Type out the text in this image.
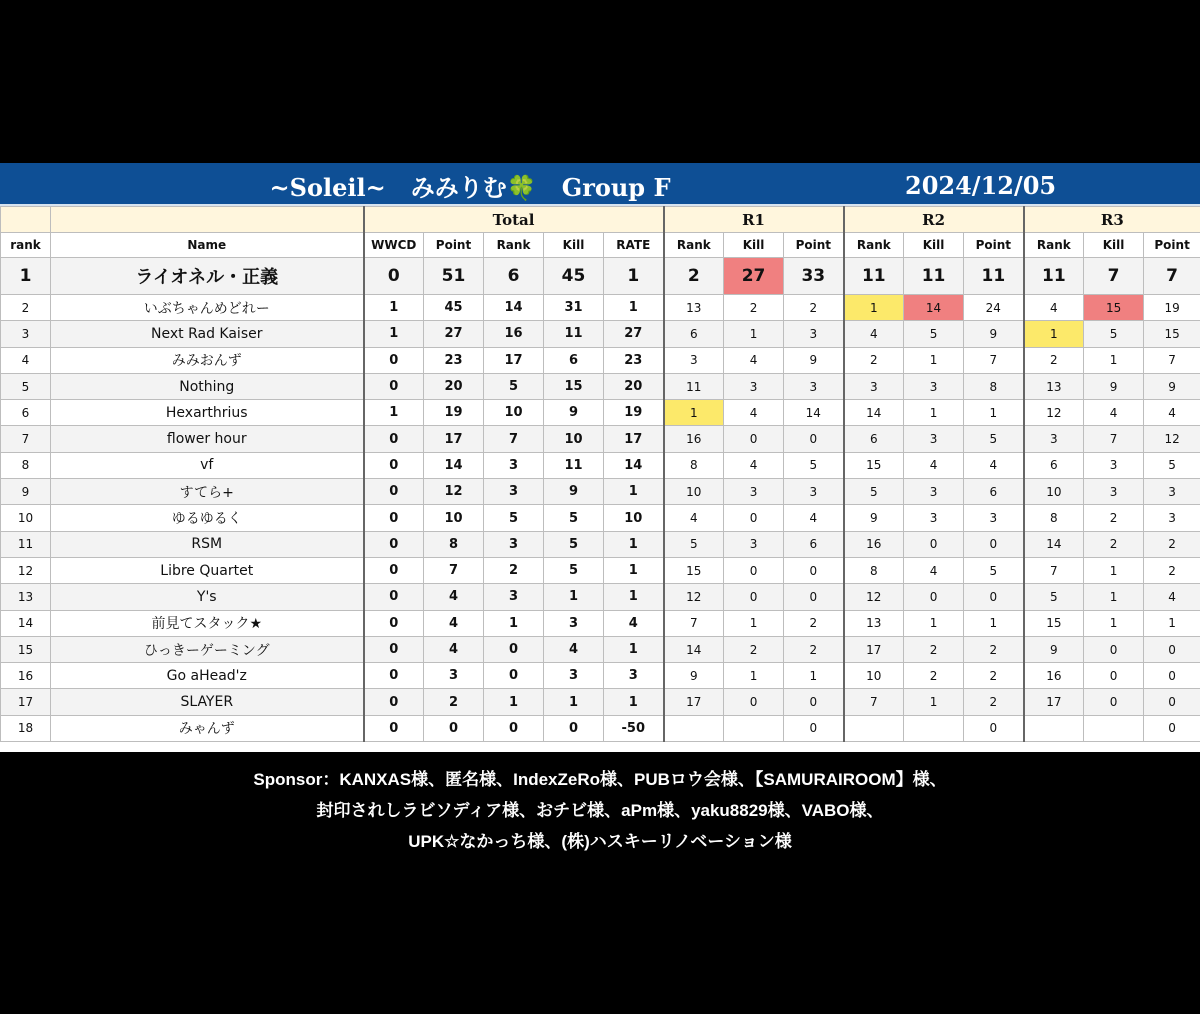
~Soleil~   みみりむ🍀   Group F	2024/12/05
		Total					R1			R2			R3		
rank	Name	WWCD	Point	Rank	Kill	RATE	Rank	Kill	Point	Rank	Kill	Point	Rank	Kill	Point
1	ライオネル・正義	0	51	6	45	1	2	27	33	11	11	11	11	7	7
2	いぶちゃんめどれー	1	45	14	31	1	13	2	2	1	14	24	4	15	19
3	Next Rad Kaiser	1	27	16	11	27	6	1	3	4	5	9	1	5	15
4	みみおんず	0	23	17	6	23	3	4	9	2	1	7	2	1	7
5	Nothing	0	20	5	15	20	11	3	3	3	3	8	13	9	9
6	Hexarthrius	1	19	10	9	19	1	4	14	14	1	1	12	4	4
7	flower hour	0	17	7	10	17	16	0	0	6	3	5	3	7	12
8	vf	0	14	3	11	14	8	4	5	15	4	4	6	3	5
9	すてら+	0	12	3	9	1	10	3	3	5	3	6	10	3	3
10	ゆるゆるく	0	10	5	5	10	4	0	4	9	3	3	8	2	3
11	RSM	0	8	3	5	1	5	3	6	16	0	0	14	2	2
12	Libre Quartet	0	7	2	5	1	15	0	0	8	4	5	7	1	2
13	Y's	0	4	3	1	1	12	0	0	12	0	0	5	1	4
14	前見てスタック★	0	4	1	3	4	7	1	2	13	1	1	15	1	1
15	ひっきーゲーミング	0	4	0	4	1	14	2	2	17	2	2	9	0	0
16	Go aHead'z	0	3	0	3	3	9	1	1	10	2	2	16	0	0
17	SLAYER	0	2	1	1	1	17	0	0	7	1	2	17	0	0
18	みゃんず	0	0	0	0	-50			0			0			0
Sponsor：KANXAS様、匿名様、IndexZeRo様、PUBロウ会様、【SAMURAIROOM】様、
封印されしラビソディア様、おチビ様、aPm様、yaku8829様、VABO様、
UPK☆なかっち様、(株)ハスキーリノベーション様
